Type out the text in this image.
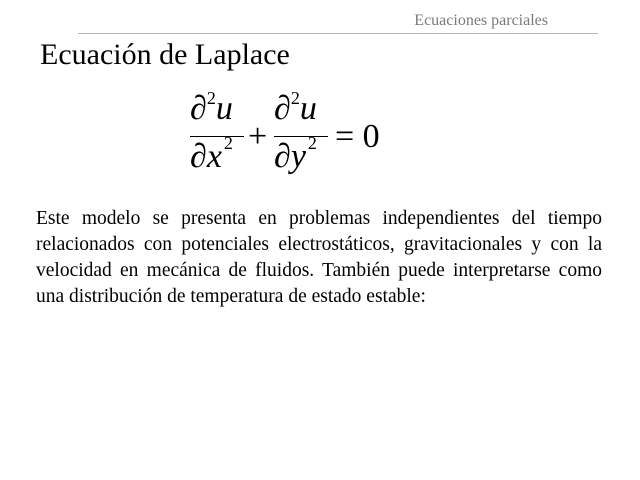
Ecuaciones parciales
Ecuación de Laplace
∂$^2$u
∂x $^2$ +
∂$^2$u
∂y $^2$ = 0
Este modelo se presenta en problemas independientes del tiempo relacionados con potenciales electrostáticos, gravitacionales y con la velocidad en mecánica de fluidos. También puede interpretarse como una distribución de temperatura de estado estable:
